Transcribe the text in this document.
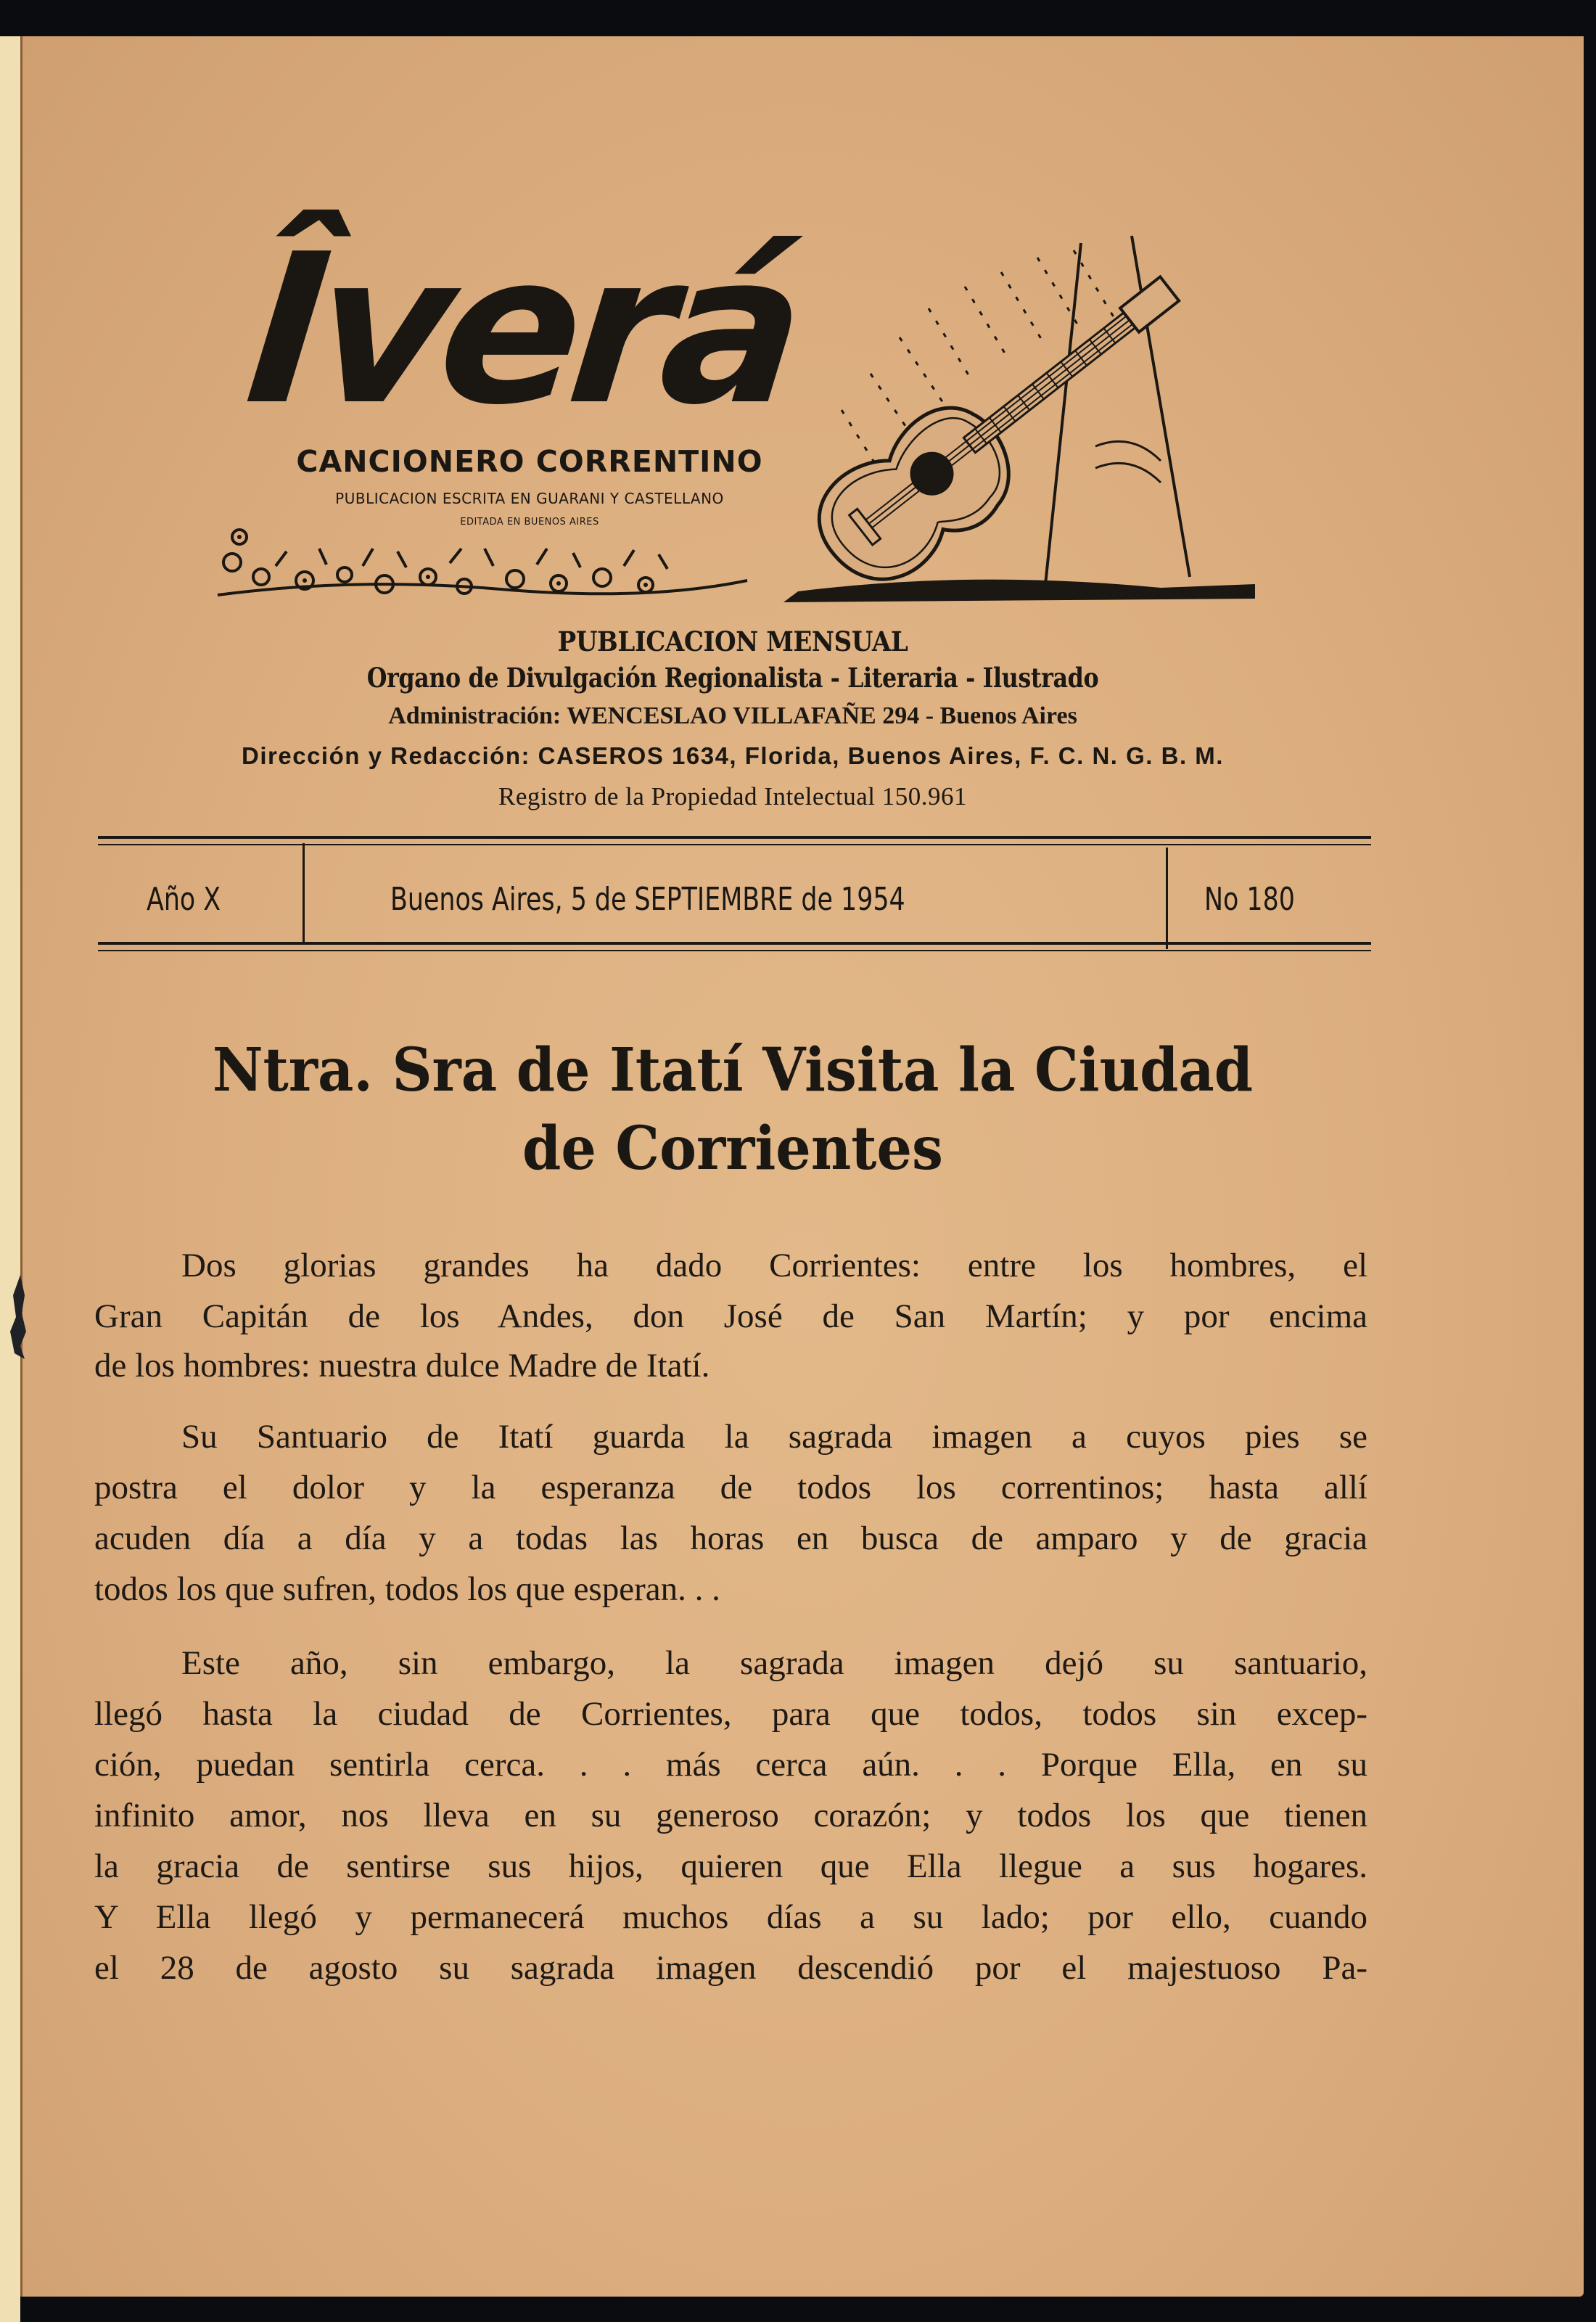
Îverá
CANCIONERO CORRENTINO
PUBLICACION ESCRITA EN GUARANI Y CASTELLANO
EDITADA EN BUENOS AIRES
PUBLICACION MENSUAL
Organo de Divulgación Regionalista - Literaria - Ilustrado
Administración: WENCESLAO VILLAFAÑE 294 - Buenos Aires
Dirección y Redacción: CASEROS 1634, Florida, Buenos Aires, F. C. N. G. B. M.
Registro de la Propiedad Intelectual 150.961
Año X	Buenos Aires, 5 de SEPTIEMBRE de 1954	No 180
Ntra. Sra de Itatí Visita la Ciudad
de Corrientes
Dos glorias grandes ha dado Corrientes: entre los hombres, el
Gran Capitán de los Andes, don José de San Martín; y por encima
de los hombres: nuestra dulce Madre de Itatí.
Su Santuario de Itatí guarda la sagrada imagen a cuyos pies se
postra el dolor y la esperanza de todos los correntinos; hasta allí
acuden día a día y a todas las horas en busca de amparo y de gracia
todos los que sufren, todos los que esperan. . .
Este año, sin embargo, la sagrada imagen dejó su santuario,
llegó hasta la ciudad de Corrientes, para que todos, todos sin excep-
ción, puedan sentirla cerca. . . más cerca aún. . . Porque Ella, en su
infinito amor, nos lleva en su generoso corazón; y todos los que tienen
la gracia de sentirse sus hijos, quieren que Ella llegue a sus hogares.
Y Ella llegó y permanecerá muchos días a su lado; por ello, cuando
el 28 de agosto su sagrada imagen descendió por el majestuoso Pa-
